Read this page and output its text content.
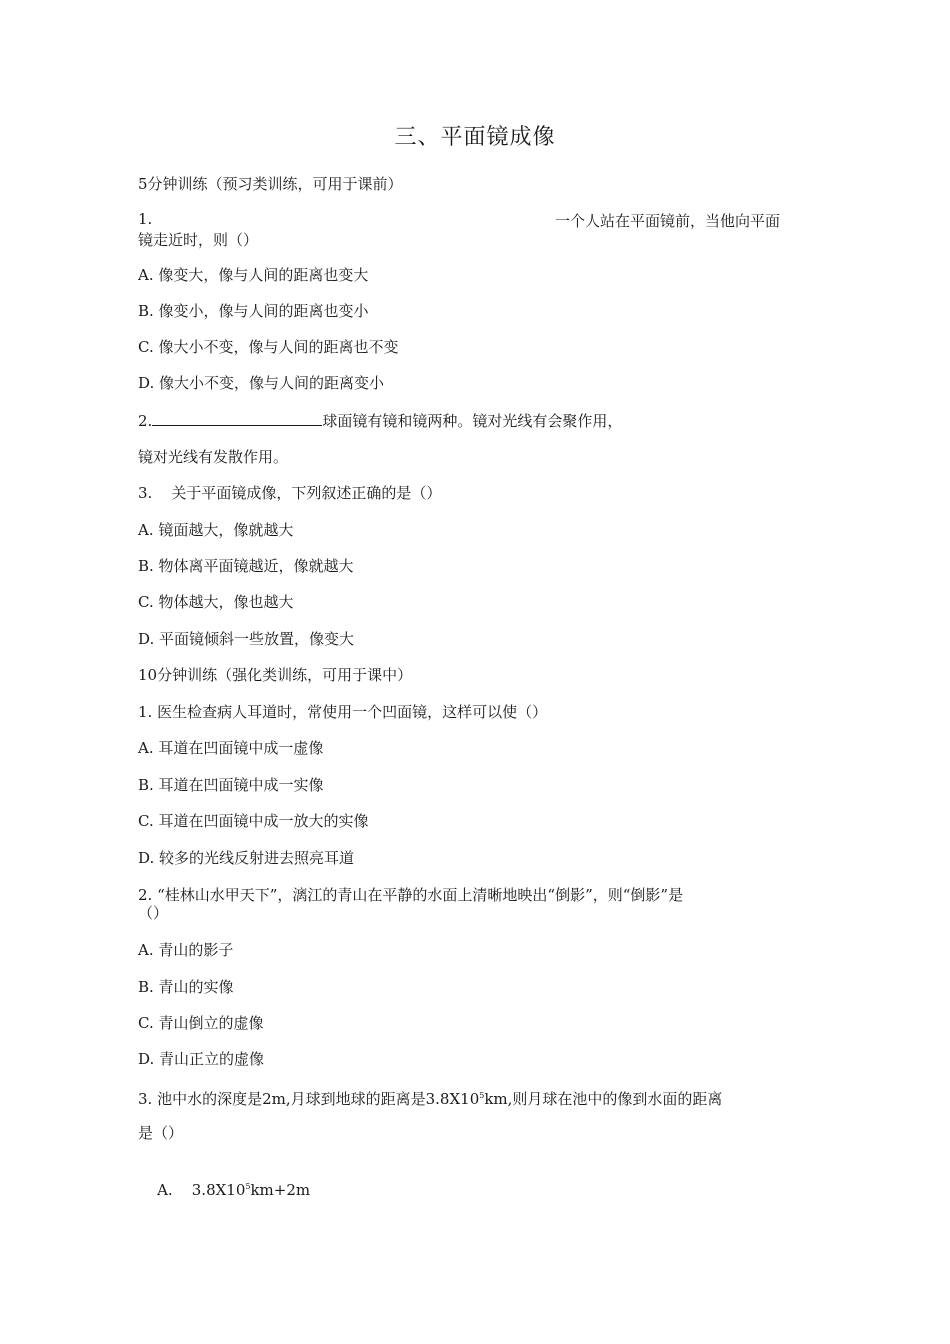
三、平面镜成像
5分钟训练（预习类训练，可用于课前）
1.	一个人站在平面镜前，当他向平面
镜走近时，则（）
A. 像变大，像与人间的距离也变大
B. 像变小，像与人间的距离也变小
C. 像大小不变，像与人间的距离也不变
D. 像大小不变，像与人间的距离变小
2.	球面镜有镜和镜两种。镜对光线有会聚作用，
镜对光线有发散作用。
3.    关于平面镜成像，下列叙述正确的是（）
A. 镜面越大，像就越大
B. 物体离平面镜越近，像就越大
C. 物体越大，像也越大
D. 平面镜倾斜一些放置，像变大
10分钟训练（强化类训练，可用于课中）
1. 医生检查病人耳道时，常使用一个凹面镜，这样可以使（）
A. 耳道在凹面镜中成一虚像
B. 耳道在凹面镜中成一实像
C. 耳道在凹面镜中成一放大的实像
D. 较多的光线反射进去照亮耳道
2. “桂林山水甲天下”，漓江的青山在平静的水面上清晰地映出“倒影”，则“倒影”是
（）
A. 青山的影子
B. 青山的实像
C. 青山倒立的虚像
D. 青山正立的虚像
3. 池中水的深度是2m,月球到地球的距离是$3.8X10^5km$,则月球在池中的像到水面的距离
是（）

A.    $3.8X10^5km+2m$
